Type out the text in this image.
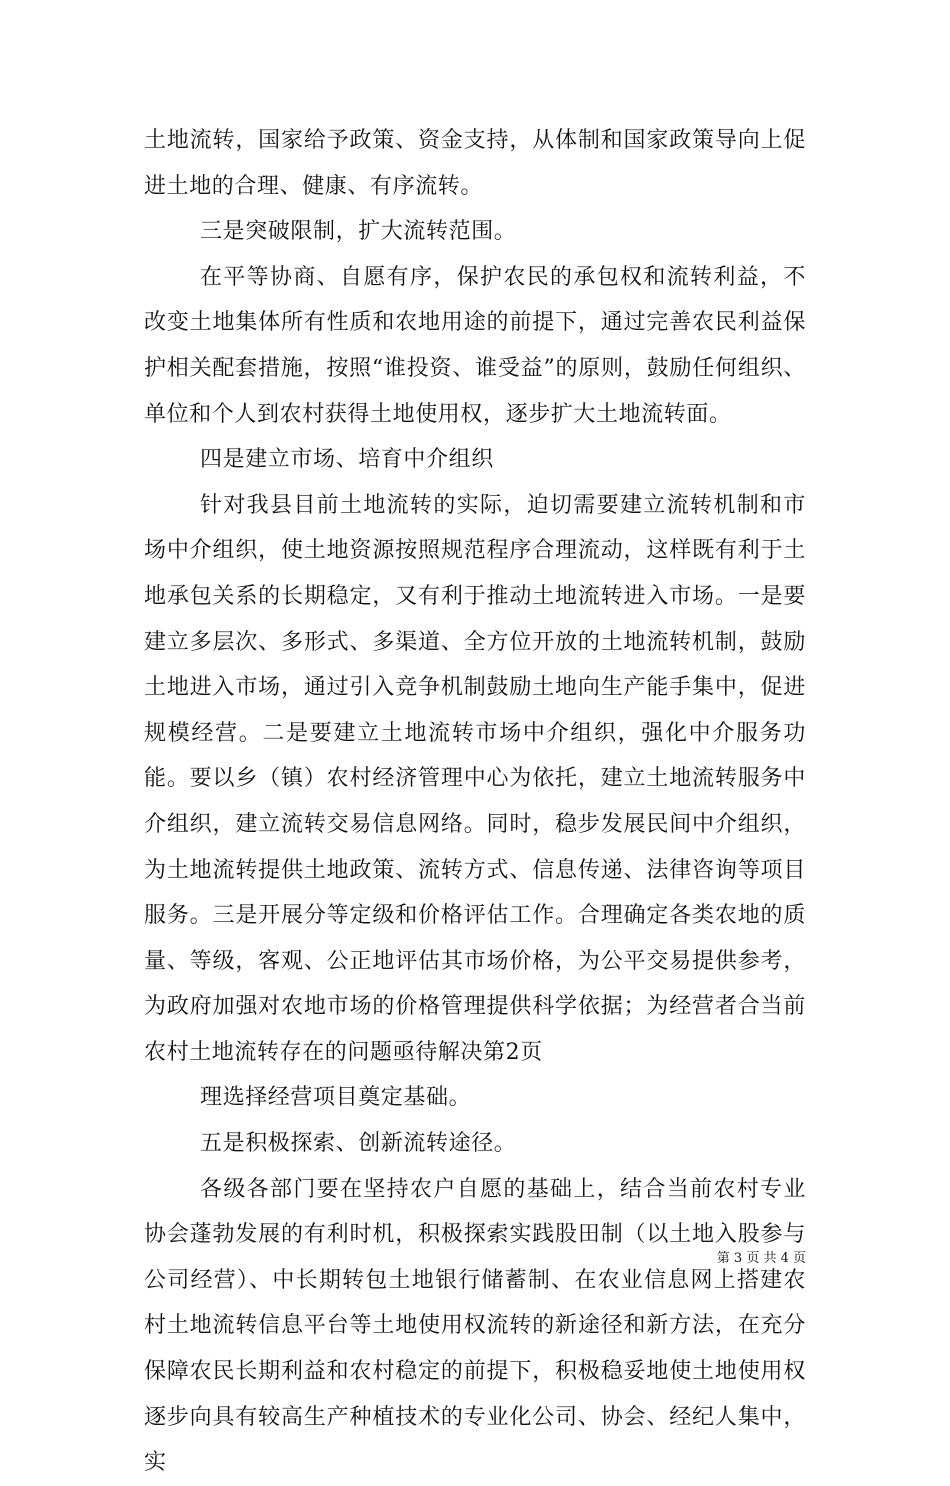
土地流转，国家给予政策、资金支持，从体制和国家政策导向上促进土地的合理、健康、有序流转。

三是突破限制，扩大流转范围。

在平等协商、自愿有序，保护农民的承包权和流转利益，不改变土地集体所有性质和农地用途的前提下，通过完善农民利益保护相关配套措施，按照“谁投资、谁受益”的原则，鼓励任何组织、单位和个人到农村获得土地使用权，逐步扩大土地流转面。

四是建立市场、培育中介组织

针对我县目前土地流转的实际，迫切需要建立流转机制和市场中介组织，使土地资源按照规范程序合理流动，这样既有利于土地承包关系的长期稳定，又有利于推动土地流转进入市场。一是要建立多层次、多形式、多渠道、全方位开放的土地流转机制，鼓励土地进入市场，通过引入竞争机制鼓励土地向生产能手集中，促进规模经营。二是要建立土地流转市场中介组织，强化中介服务功能。要以乡（镇）农村经济管理中心为依托，建立土地流转服务中介组织，建立流转交易信息网络。同时，稳步发展民间中介组织，为土地流转提供土地政策、流转方式、信息传递、法律咨询等项目服务。三是开展分等定级和价格评估工作。合理确定各类农地的质量、等级，客观、公正地评估其市场价格，为公平交易提供参考，为政府加强对农地市场的价格管理提供科学依据；为经营者合当前农村土地流转存在的问题亟待解决第2页

理选择经营项目奠定基础。

五是积极探索、创新流转途径。

各级各部门要在坚持农户自愿的基础上，结合当前农村专业协会蓬勃发展的有利时机，积极探索实践股田制（以土地入股参与公司经营）、中长期转包土地银行储蓄制、在农业信息网上搭建农村土地流转信息平台等土地使用权流转的新途径和新方法，在充分保障农民长期利益和农村稳定的前提下，积极稳妥地使土地使用权逐步向具有较高生产种植技术的专业化公司、协会、经纪人集中，实

第 3 页 共 4 页
